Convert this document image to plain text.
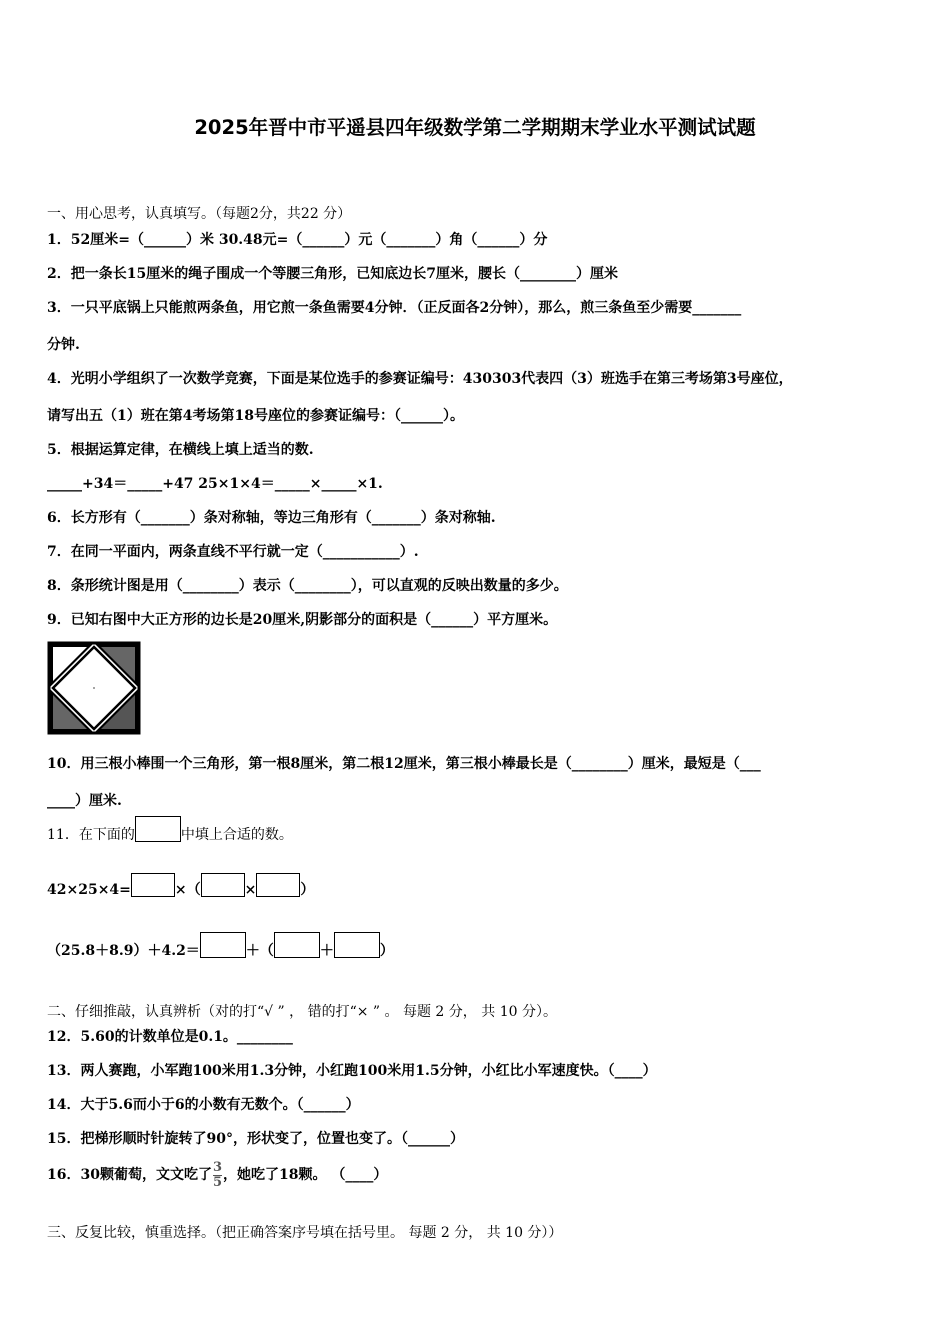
2025年晋中市平遥县四年级数学第二学期期末学业水平测试试题
一、用心思考，认真填写。（每题2分，共22 分）
1．52厘米=（______）米 30.48元=（______）元（_______）角（______）分
2．把一条长15厘米的绳子围成一个等腰三角形，已知底边长7厘米，腰长（________）厘米
3．一只平底锅上只能煎两条鱼，用它煎一条鱼需要4分钟．（正反面各2分钟），那么，煎三条鱼至少需要_______
分钟.
4．光明小学组织了一次数学竞赛，下面是某位选手的参赛证编号：430303代表四（3）班选手在第三考场第3号座位，
请写出五（1）班在第4考场第18号座位的参赛证编号：（______）。
5．根据运算定律，在横线上填上适当的数.
_____+34＝_____+47 25×1×4＝_____×_____×1.
6．长方形有（_______）条对称轴，等边三角形有（_______）条对称轴.
7．在同一平面内，两条直线不平行就一定（___________）.
8．条形统计图是用（________）表示（________），可以直观的反映出数量的多少。
9．已知右图中大正方形的边长是20厘米,阴影部分的面积是（______）平方厘米。
10．用三根小棒围一个三角形，第一根8厘米，第二根12厘米，第三根小棒最长是（________）厘米，最短是（___
____）厘米.
11．在下面的	中填上合适的数。
42×25×4=	×（	×	）
（25.8＋8.9）＋4.2＝	＋（	＋	）
二、仔细推敲，认真辨析（对的打“√ ” ， 错的打“× ” 。 每题 2 分， 共 10 分）。
12．5.60的计数单位是0.1。________
13．两人赛跑，小军跑100米用1.3分钟，小红跑100米用1.5分钟，小红比小军速度快。（____）
14．大于5.6而小于6的小数有无数个。（______）
15．把梯形顺时针旋转了90°，形状变了，位置也变了。（______）
16．30颗葡萄，文文吃了 $\frac{3}{5}$ ，她吃了18颗。 （____）
三、反复比较，慎重选择。（把正确答案序号填在括号里。 每题 2 分， 共 10 分））
